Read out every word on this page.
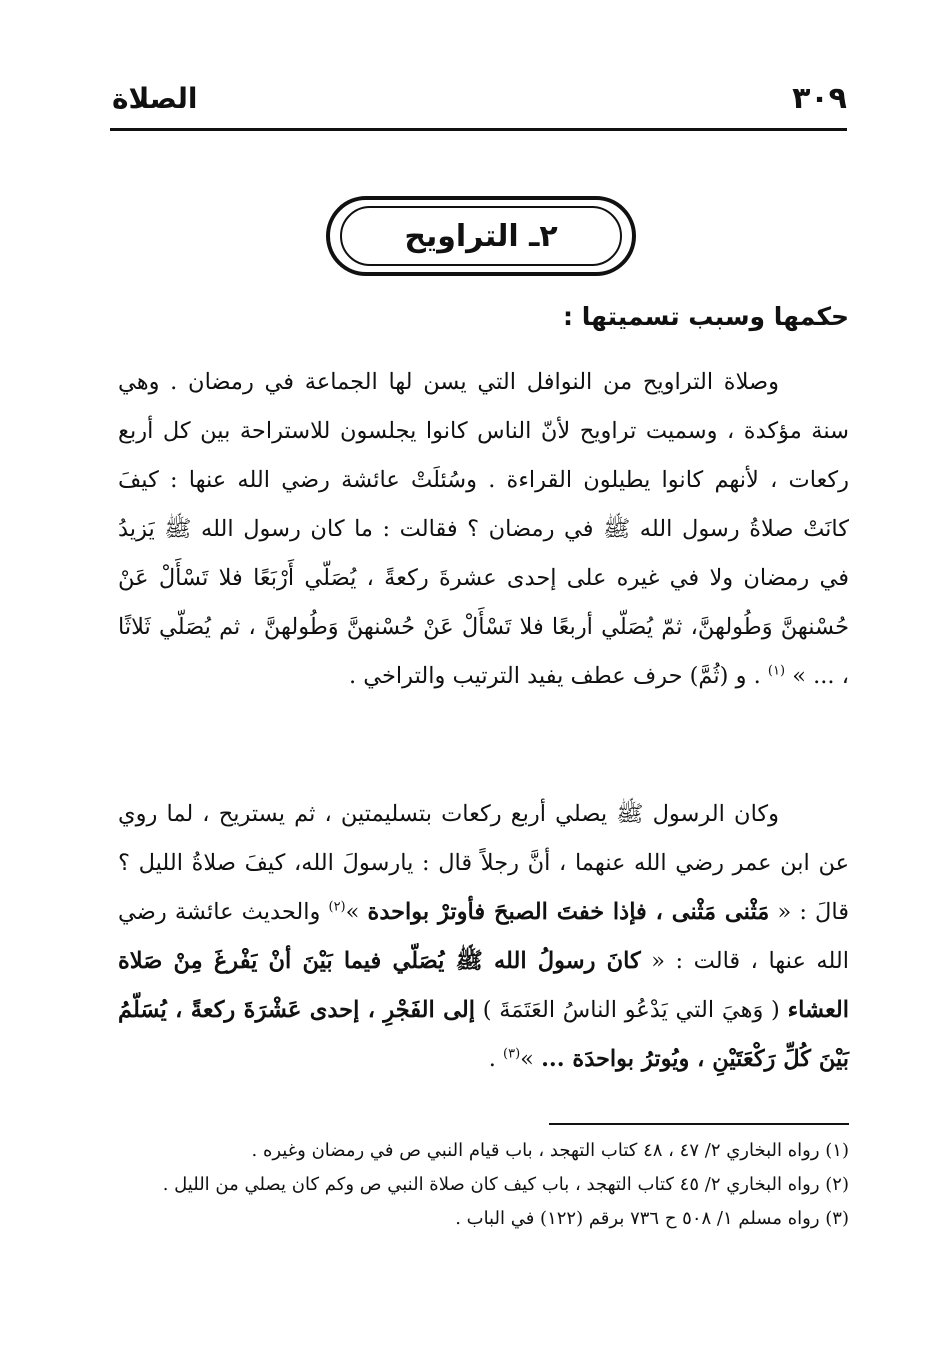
٣٠٩
الصلاة
٢ـ التراويح
حكمها وسبب تسميتها :
وصلاة التراويح من النوافل التي يسن لها الجماعة في رمضان . وهي سنة مؤكدة ، وسميت تراويح لأنّ الناس كانوا يجلسون للاستراحة بين كل أربع ركعات ، لأنهم كانوا يطيلون القراءة . وسُئلَتْ عائشة رضي الله عنها : كيفَ كانَتْ صلاةُ رسول الله ﷺ في رمضان ؟ فقالت : ما كان رسول الله ﷺ يَزيدُ في رمضان ولا في غيره على إحدى عشرةَ ركعةً ، يُصَلّي أَرْبَعًا فلا تَسْأَلْ عَنْ حُسْنهنَّ وَطُولهنَّ، ثمّ يُصَلّي أربعًا فلا تَسْأَلْ عَنْ حُسْنهنَّ وَطُولهنَّ ، ثم يُصَلّي ثَلاثًا ، ... » $^{(١)}$ . و (ثُمَّ) حرف عطف يفيد الترتيب والتراخي .
وكان الرسول ﷺ يصلي أربع ركعات بتسليمتين ، ثم يستريح ، لما روي عن ابن عمر رضي الله عنهما ، أنَّ رجلاً قال : يارسولَ الله، كيفَ صلاةُ الليل ؟ قالَ : « مَثْنى مَثْنى ، فإذا خفتَ الصبحَ فأوترْ بواحدة »$^{(٢)}$ والحديث عائشة رضي الله عنها ، قالت : « كانَ رسولُ الله ﷺ يُصَلّي فيما بَيْنَ أنْ يَفْرغَ مِنْ صَلاة العشاء ( وَهيَ التي يَدْعُو الناسُ العَتَمَةَ ) إلى الفَجْرِ ، إحدى عَشْرَةَ ركعةً ، يُسَلّمُ بَيْنَ كُلِّ رَكْعَتَيْنِ ، ويُوترُ بواحدَة ... »$^{(٣)}$ .

(١) رواه البخاري ٢/ ٤٧ ، ٤٨ كتاب التهجد ، باب قيام النبي ص في رمضان وغيره .

(٢) رواه البخاري ٢/ ٤٥ كتاب التهجد ، باب كيف كان صلاة النبي ص وكم كان يصلي من الليل .

(٣) رواه مسلم ١/ ٥٠٨ ح ٧٣٦ برقم (١٢٢) في الباب .
